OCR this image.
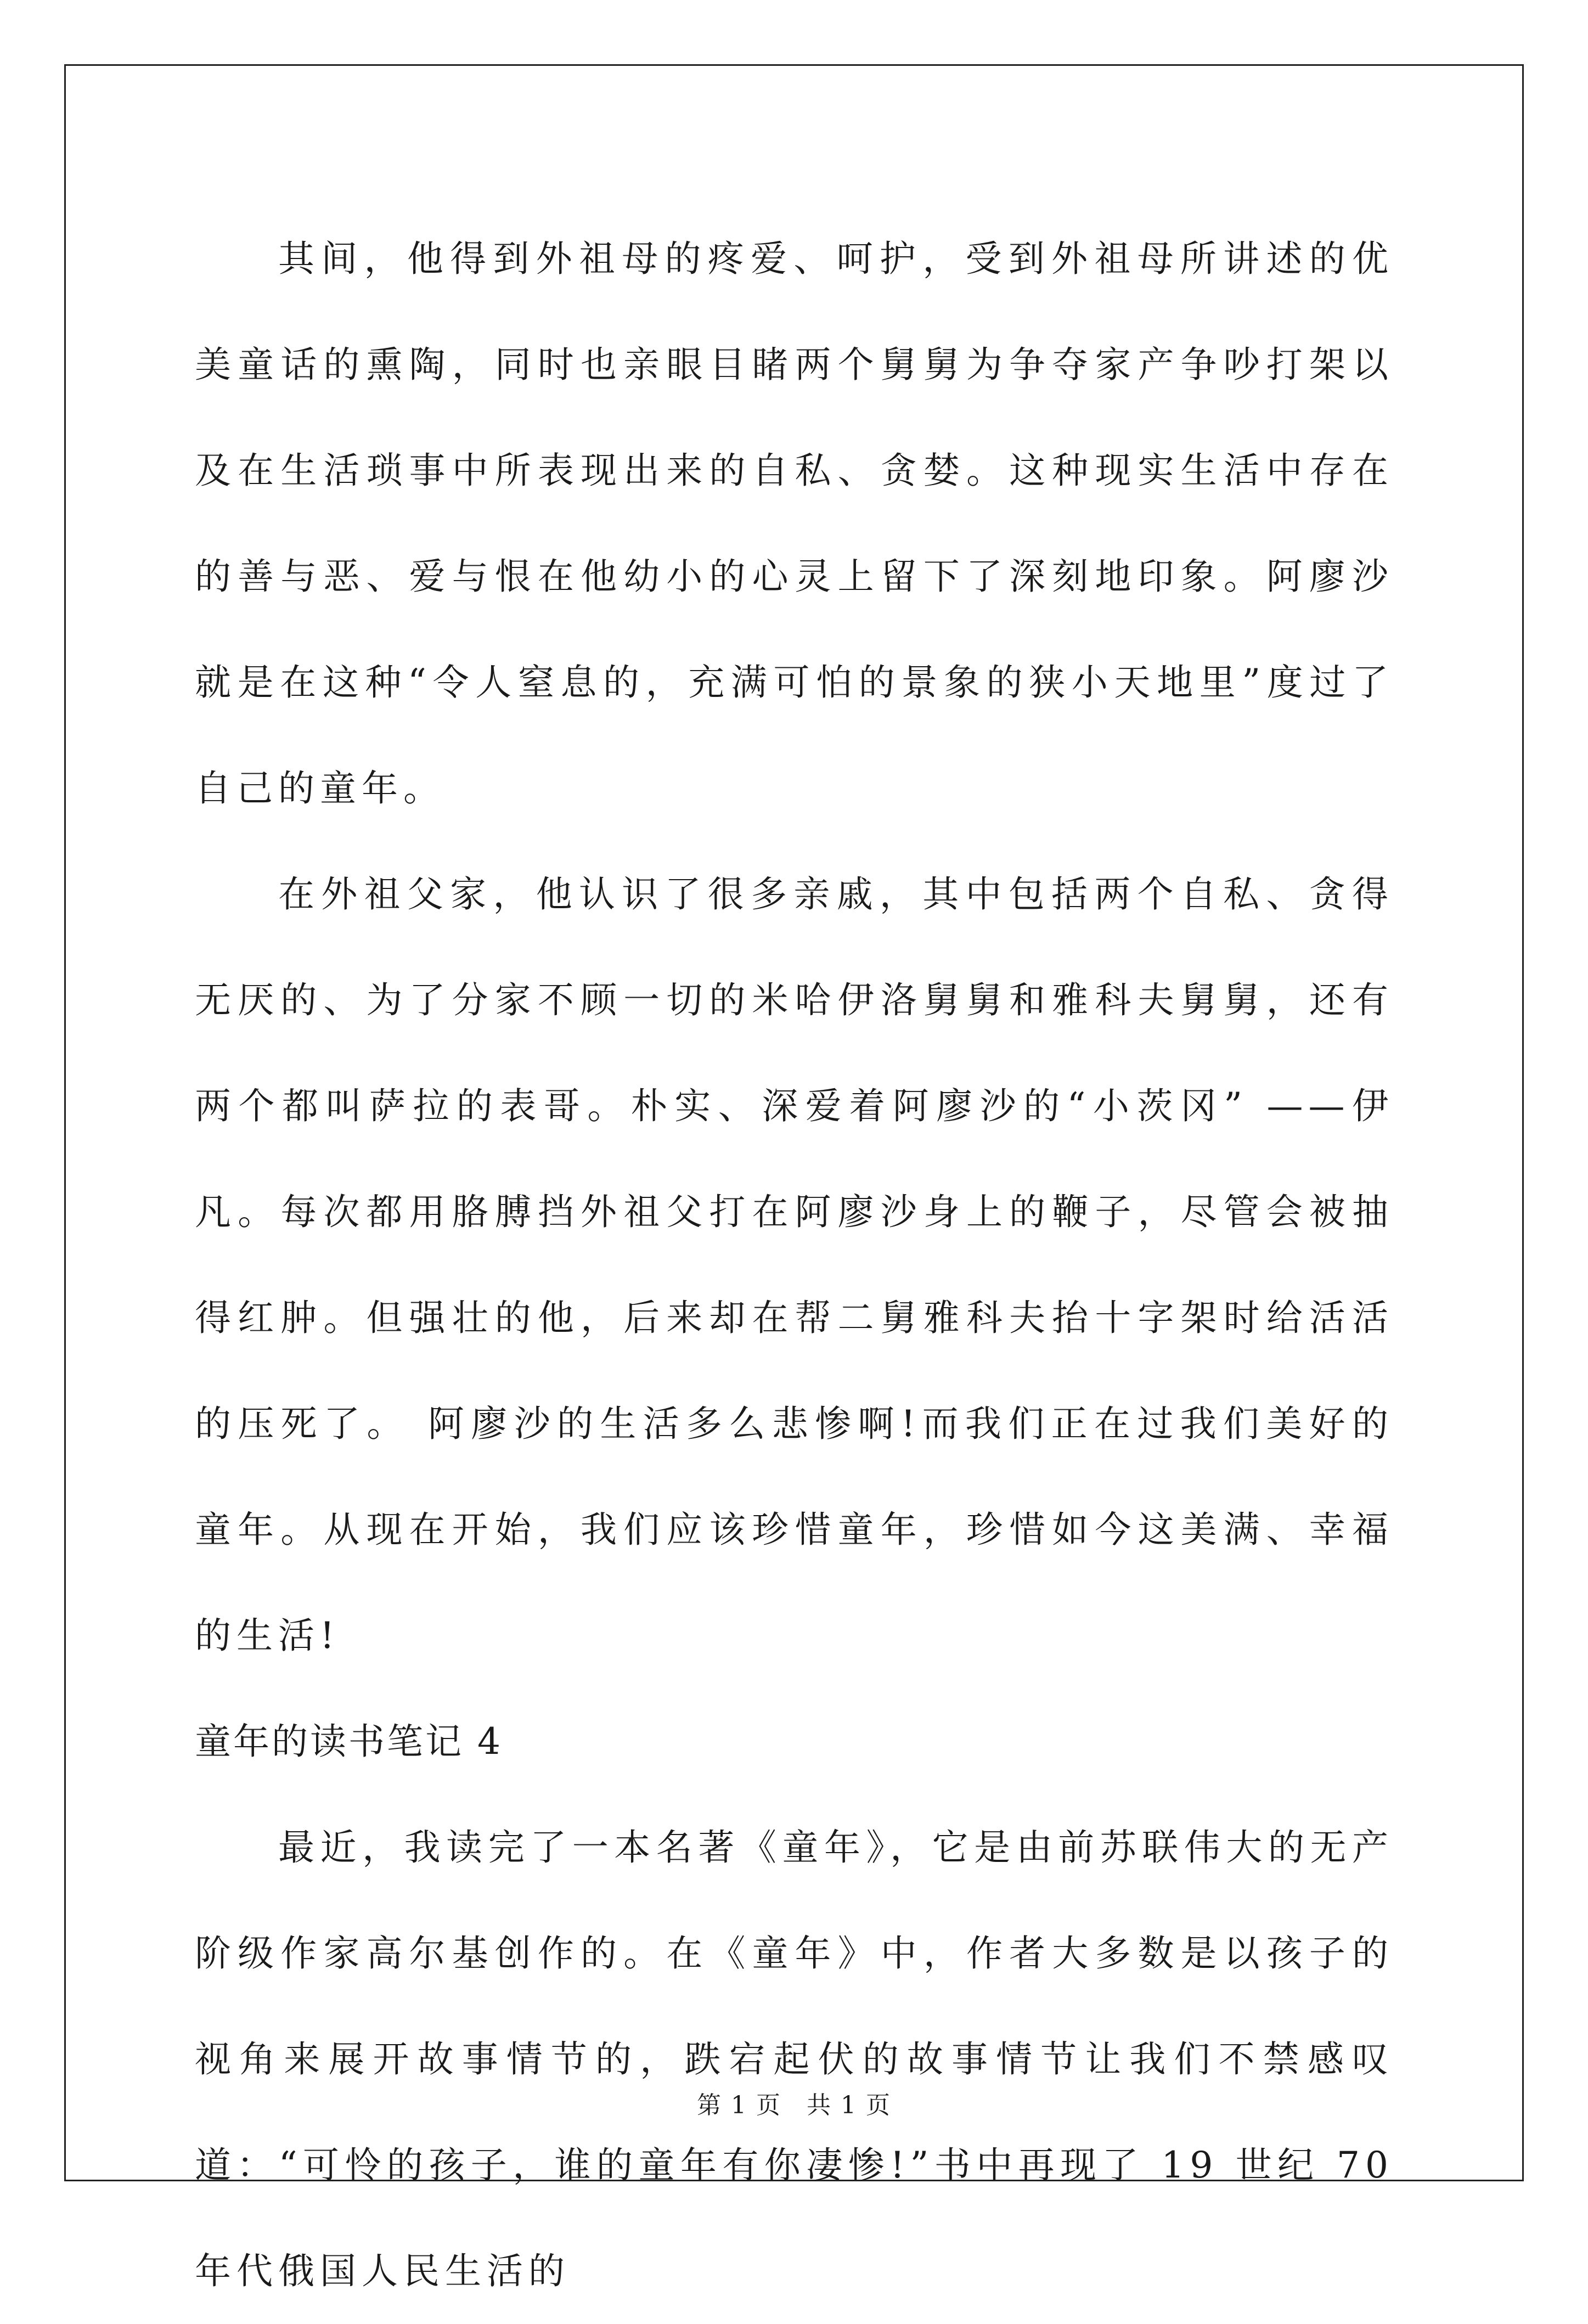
其间，他得到外祖母的疼爱、呵护，受到外祖母所讲述的优美童话的熏陶，同时也亲眼目睹两个舅舅为争夺家产争吵打架以及在生活琐事中所表现出来的自私、贪婪。这种现实生活中存在的善与恶、爱与恨在他幼小的心灵上留下了深刻地印象。阿廖沙就是在这种“令人窒息的，充满可怕的景象的狭小天地里”度过了自己的童年。

在外祖父家，他认识了很多亲戚，其中包括两个自私、贪得无厌的、为了分家不顾一切的米哈伊洛舅舅和雅科夫舅舅，还有两个都叫萨拉的表哥。朴实、深爱着阿廖沙的“小茨冈” ——伊凡。每次都用胳膊挡外祖父打在阿廖沙身上的鞭子，尽管会被抽得红肿。但强壮的他，后来却在帮二舅雅科夫抬十字架时给活活的压死了。 阿廖沙的生活多么悲惨啊!而我们正在过我们美好的童年。从现在开始，我们应该珍惜童年，珍惜如今这美满、幸福的生活!

童年的读书笔记 4

最近，我读完了一本名著《童年》，它是由前苏联伟大的无产阶级作家高尔基创作的。在《童年》中，作者大多数是以孩子的视角来展开故事情节的，跌宕起伏的故事情节让我们不禁感叹道：“可怜的孩子，谁的童年有你凄惨!”书中再现了 19 世纪 70 年代俄国人民生活的

第 1 页　共 1 页
